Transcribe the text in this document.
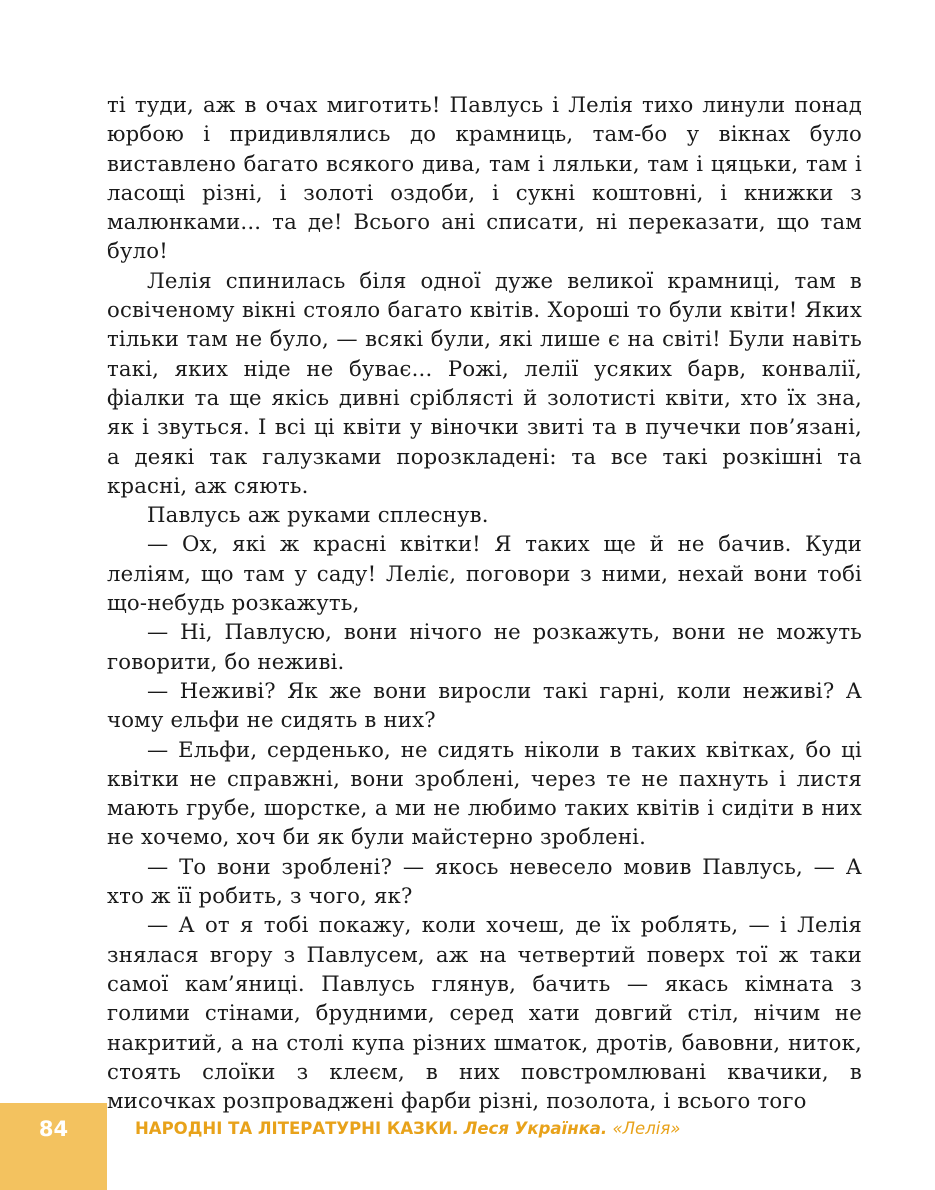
ті туди, аж в очах миготить! Павлусь і Лелія тихо линули понад юрбою і придивлялись до крамниць, там-бо у вікнах було виставлено багато всякого дива, там і ляльки, там і цяцьки, там і ласощі різні, і золоті оздоби, і сукні коштовні, і книжки з малюнками... та де! Всього ані списати, ні переказати, що там було!

Лелія спинилась біля одної дуже великої крамниці, там в освіченому вікні стояло багато квітів. Хороші то були квіти! Яких тільки там не було, — всякі були, які лише є на світі! Були навіть такі, яких ніде не буває... Рожі, лелії усяких барв, конвалії, фіалки та ще якісь дивні сріблясті й золотисті квіти, хто їх зна, як і звуться. І всі ці квіти у віночки звиті та в пучечки пов’язані, а деякі так галузками порозкладені: та все такі розкішні та красні, аж сяють.

Павлусь аж руками сплеснув.

— Ох, які ж красні квітки! Я таких ще й не бачив. Куди лелiям, що там у саду! Леліє, поговори з ними, нехай вони тобі що-небудь розкажуть,

— Ні, Павлусю, вони нічого не розкажуть, вони не можуть говорити, бо неживі.

— Неживі? Як же вони виросли такі гарні, коли неживі? А чому ельфи не сидять в них?

— Ельфи, серденько, не сидять ніколи в таких квітках, бо ці квітки не справжні, вони зроблені, через те не пахнуть і листя мають грубе, шорстке, а ми не любимо таких квітів і сидіти в них не хочемо, хоч би як були майстерно зроблені.

— То вони зроблені? — якось невесело мовив Павлусь, — А хто ж її робить, з чого, як?

— А от я тобі покажу, коли хочеш, де їх роблять, — і Лелія знялася вгору з Павлусем, аж на четвертий поверх тої ж таки самої кам’яниці. Павлусь глянув, бачить — якась кімната з голими стінами, брудними, серед хати довгий стіл, нічим не накритий, а на столі купа різних шматок, дротів, бавовни, ниток, стоять слоїки з клеєм, в них повстромлювані квачики, в мисочках розпроваджені фарби різні, позолота, і всього того

84	НАРОДНІ ТА ЛІТЕРАТУРНІ КАЗКИ. Леся Українка. «Лелія»
